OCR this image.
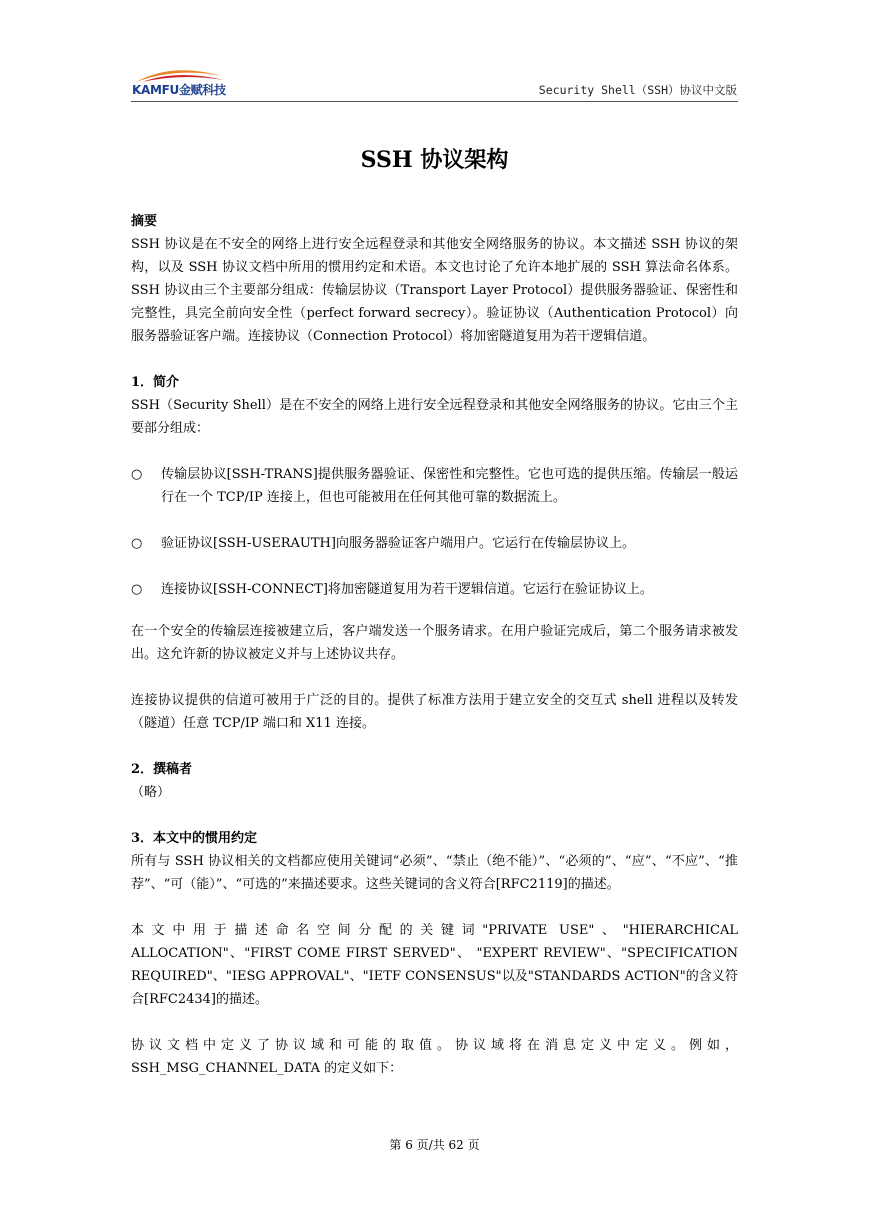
KAMFU金赋科技	Security Shell（SSH）协议中文版
SSH 协议架构

摘要

SSH 协议是在不安全的网络上进行安全远程登录和其他安全网络服务的协议。本文描述 SSH 协议的架构，以及 SSH 协议文档中所用的惯用约定和术语。本文也讨论了允许本地扩展的 SSH 算法命名体系。SSH 协议由三个主要部分组成：传输层协议（Transport Layer Protocol）提供服务器验证、保密性和完整性，具完全前向安全性（perfect forward secrecy）。验证协议（Authentication Protocol）向服务器验证客户端。连接协议（Connection Protocol）将加密隧道复用为若干逻辑信道。

1．简介

SSH（Security Shell）是在不安全的网络上进行安全远程登录和其他安全网络服务的协议。它由三个主要部分组成：

○ 传输层协议[SSH-TRANS]提供服务器验证、保密性和完整性。它也可选的提供压缩。传输层一般运行在一个 TCP/IP 连接上，但也可能被用在任何其他可靠的数据流上。

○ 验证协议[SSH-USERAUTH]向服务器验证客户端用户。它运行在传输层协议上。

○ 连接协议[SSH-CONNECT]将加密隧道复用为若干逻辑信道。它运行在验证协议上。

在一个安全的传输层连接被建立后，客户端发送一个服务请求。在用户验证完成后，第二个服务请求被发出。这允许新的协议被定义并与上述协议共存。

连接协议提供的信道可被用于广泛的目的。提供了标准方法用于建立安全的交互式 shell 进程以及转发（隧道）任意 TCP/IP 端口和 X11 连接。

2．撰稿者

（略）

3．本文中的惯用约定

所有与 SSH 协议相关的文档都应使用关键词“必须”、“禁止（绝不能）”、“必须的”、“应”、“不应”、“推荐”、“可（能）”、“可选的”来描述要求。这些关键词的含义符合[RFC2119]的描述。

本文中用于描述命名空间分配的关键词"PRIVATE USE"、"HIERARCHICAL ALLOCATION"、"FIRST COME FIRST SERVED"、 "EXPERT REVIEW"、"SPECIFICATION REQUIRED"、"IESG APPROVAL"、"IETF CONSENSUS"以及"STANDARDS ACTION"的含义符合[RFC2434]的描述。

协议文档中定义了协议域和可能的取值。协议域将在消息定义中定义。例如，SSH_MSG_CHANNEL_DATA 的定义如下：

第 6 页/共 62 页
